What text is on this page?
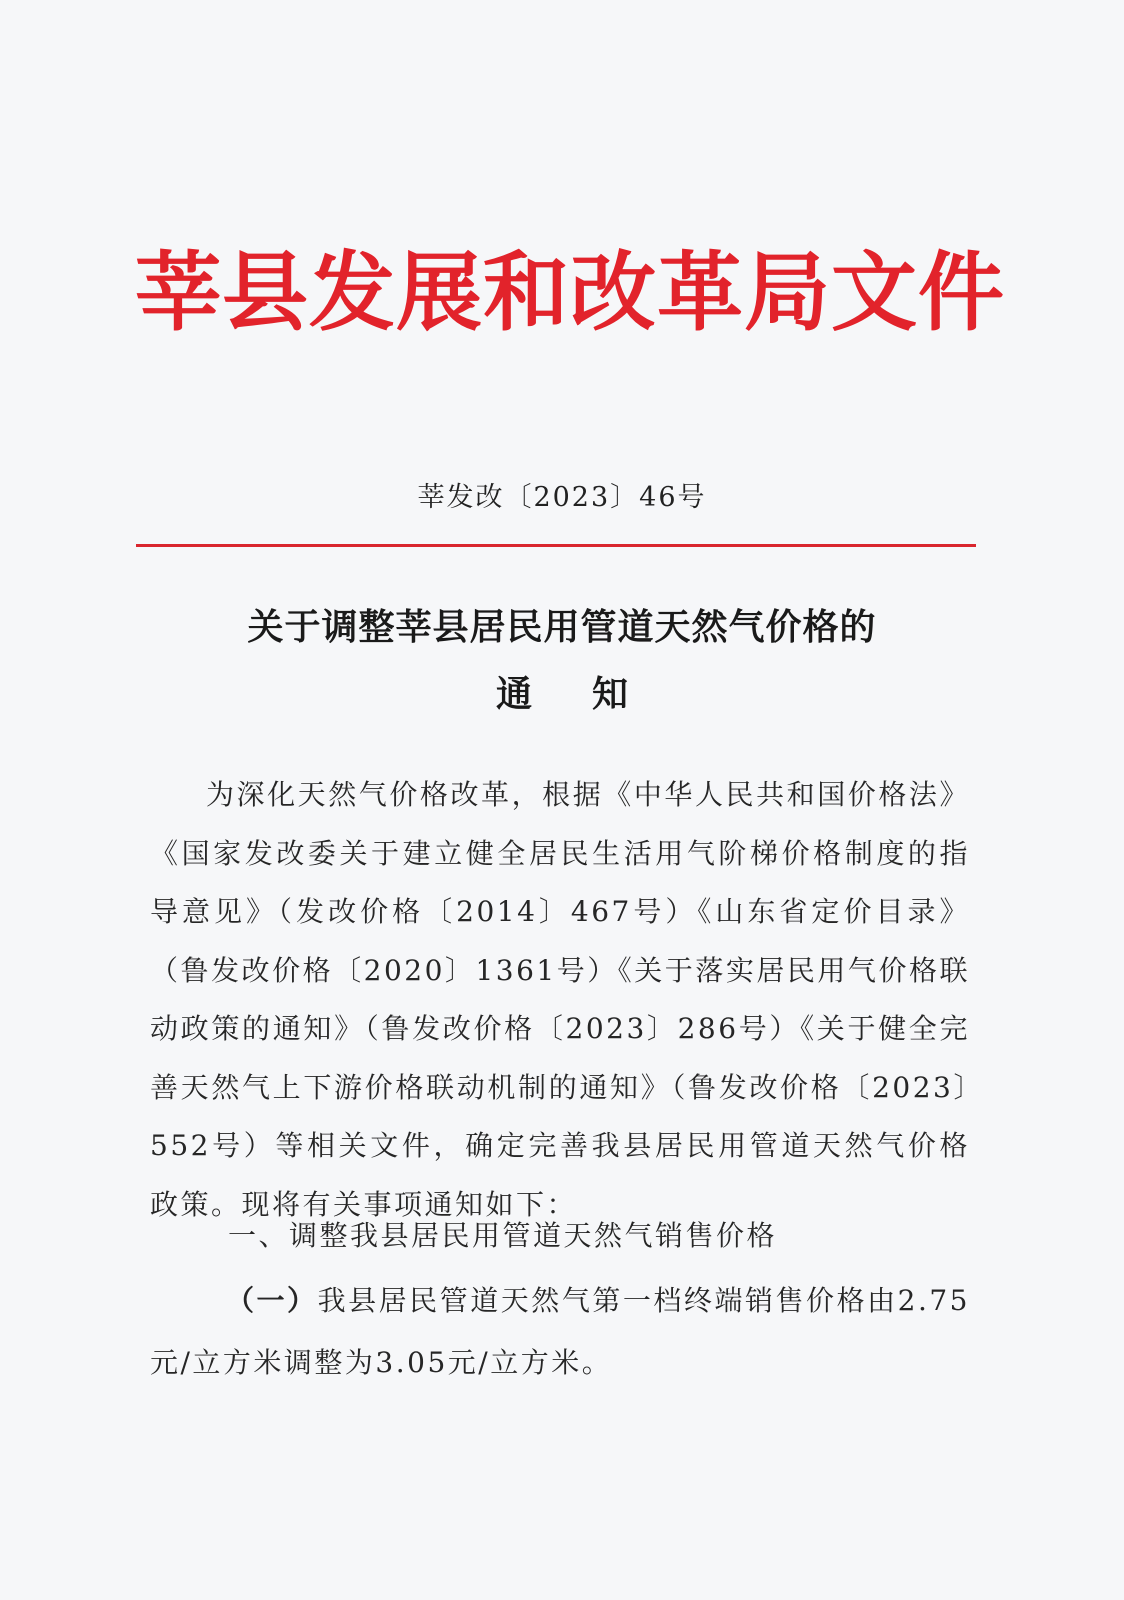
莘县发展和改革局文件
莘发改〔2023〕46号
关于调整莘县居民用管道天然气价格的
通知
为深化天然气价格改革，根据《中华人民共和国价格法》《国家发改委关于建立健全居民生活用气阶梯价格制度的指导意见》（发改价格〔2014〕467号）《山东省定价目录》（鲁发改价格〔2020〕1361号）《关于落实居民用气价格联动政策的通知》（鲁发改价格〔2023〕286号）《关于健全完善天然气上下游价格联动机制的通知》（鲁发改价格〔2023〕552号）等相关文件，确定完善我县居民用管道天然气价格政策。现将有关事项通知如下：
一、调整我县居民用管道天然气销售价格
（一）我县居民管道天然气第一档终端销售价格由2.75元/立方米调整为3.05元/立方米。
